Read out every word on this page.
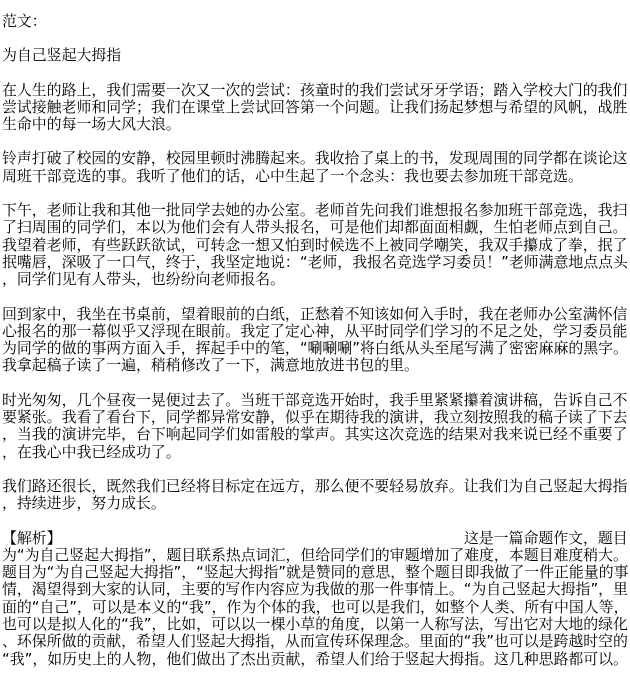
范文：

为自己竖起大拇指

在人生的路上，我们需要一次又一次的尝试：孩童时的我们尝试牙牙学语；踏入学校大门的我们尝试接触老师和同学；我们在课堂上尝试回答第一个问题。让我们扬起梦想与希望的风帆，战胜生命中的每一场大风大浪。

铃声打破了校园的安静，校园里顿时沸腾起来。我收拾了桌上的书，发现周围的同学都在谈论这周班干部竞选的事。我听了他们的话，心中生起了一个念头：我也要去参加班干部竞选。

下午，老师让我和其他一批同学去她的办公室。老师首先问我们谁想报名参加班干部竞选，我扫了扫周围的同学们，本以为他们会有人带头报名，可是他们却都面面相觑，生怕老师点到自己。我望着老师，有些跃跃欲试，可转念一想又怕到时候选不上被同学嘲笑，我双手攥成了拳，抿了抿嘴唇，深吸了一口气，终于，我坚定地说：“老师，我报名竞选学习委员！”老师满意地点点头，同学们见有人带头，也纷纷向老师报名。

回到家中，我坐在书桌前，望着眼前的白纸，正愁着不知该如何入手时，我在老师办公室满怀信心报名的那一幕似乎又浮现在眼前。我定了定心神，从平时同学们学习的不足之处，学习委员能为同学的做的事两方面入手，挥起手中的笔，“唰唰唰”将白纸从头至尾写满了密密麻麻的黑字。我拿起稿子读了一遍，稍稍修改了一下，满意地放进书包的里。

时光匆匆，几个昼夜一晃便过去了。当班干部竞选开始时，我手里紧紧攥着演讲稿，告诉自己不要紧张。我看了看台下，同学都异常安静，似乎在期待我的演讲，我立刻按照我的稿子读了下去，当我的演讲完毕，台下响起同学们如雷般的掌声。其实这次竞选的结果对我来说已经不重要了，在我心中我已经成功了。

我们路还很长，既然我们已经将目标定在远方，那么便不要轻易放弃。让我们为自己竖起大拇指，持续进步，努力成长。

【解析】	这是一篇命题作文，题目为“为自己竖起大拇指”，题目联系热点词汇，但给同学们的审题增加了难度，本题目难度稍大。题目为“为自己竖起大拇指”，“竖起大拇指”就是赞同的意思，整个题目即我做了一件正能量的事情，渴望得到大家的认同，主要的写作内容应为我做的那一件事情上。“为自己竖起大拇指”，里面的“自己”，可以是本义的“我”，作为个体的我，也可以是我们，如整个人类、所有中国人等，也可以是拟人化的“我”，比如，可以以一棵小草的角度，以第一人称写法，写出它对大地的绿化、环保所做的贡献，希望人们竖起大拇指，从而宣传环保理念。里面的“我”也可以是跨越时空的“我”，如历史上的人物，他们做出了杰出贡献，希望人们给于竖起大拇指。这几种思路都可以。
